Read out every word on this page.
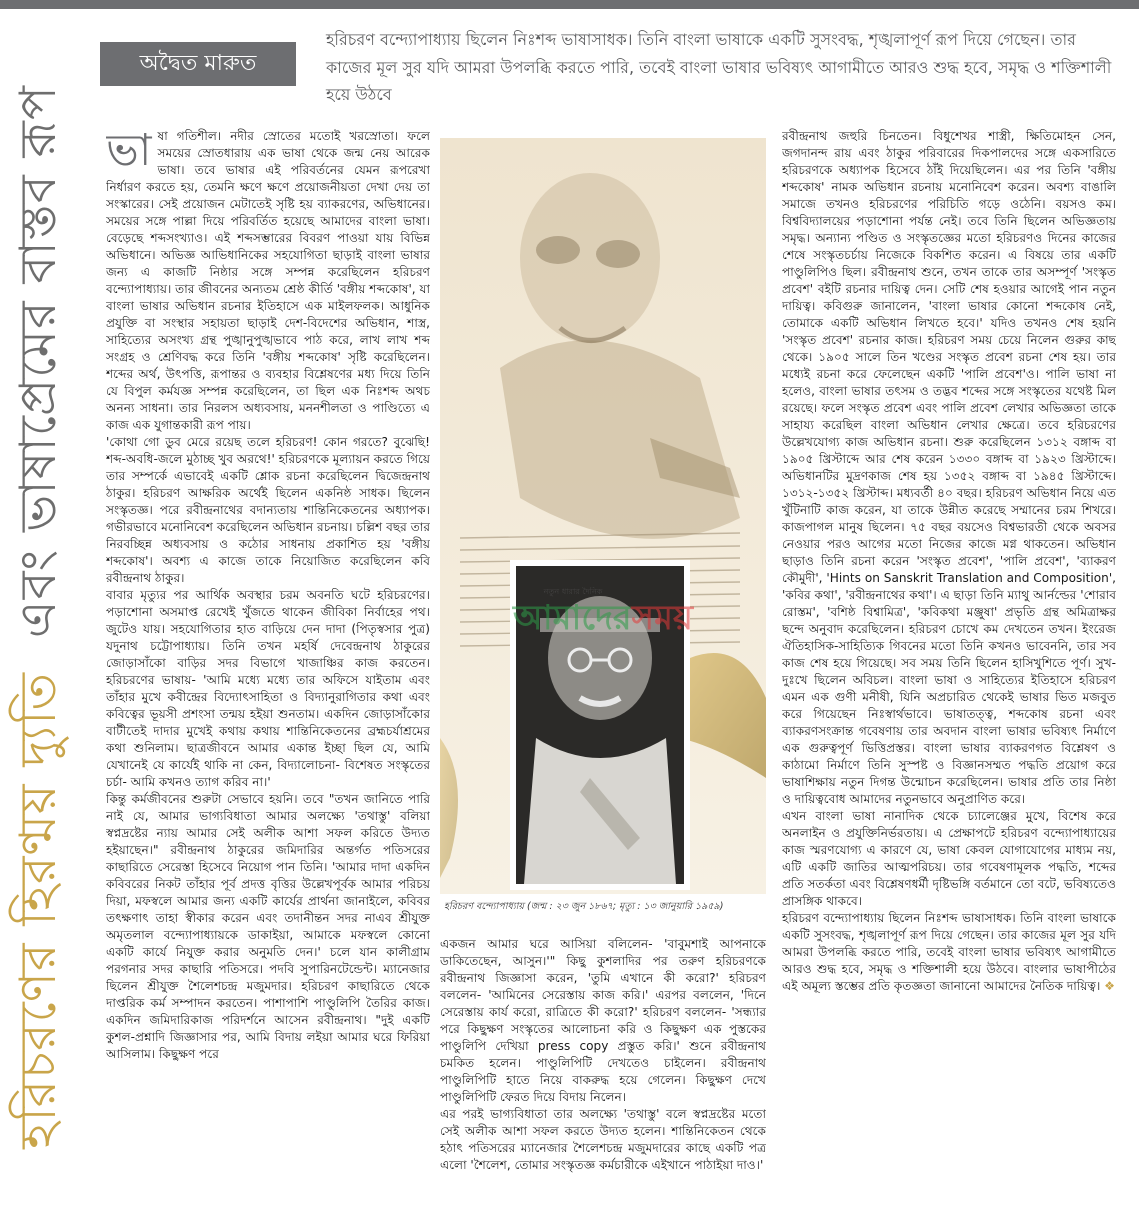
হরিচরণের হিরণ্ময় দ্যুতি

এবং ভাষাপ্রেমের বাস্তব রূপ
অদ্বৈত মারুত
হরিচরণ বন্দ্যোপাধ্যায় ছিলেন নিঃশব্দ ভাষাসাধক। তিনি বাংলা ভাষাকে একটি সুসংবদ্ধ, শৃঙ্খলাপূর্ণ রূপ দিয়ে গেছেন। তার কাজের মূল সুর যদি আমরা উপলব্ধি করতে পারি, তবেই বাংলা ভাষার ভবিষ্যৎ আগামীতে আরও শুদ্ধ হবে, সমৃদ্ধ ও শক্তিশালী হয়ে উঠবে
ভা ষা গতিশীল। নদীর স্রোতের মতোই খরস্রোতা। ফলে সময়ের স্রোতধারায় এক ভাষা থেকে জন্ম নেয় আরেক ভাষা। তবে ভাষার এই পরিবর্তনের যেমন রূপরেখা নির্ধারণ করতে হয়, তেমনি ক্ষণে ক্ষণে প্রয়োজনীয়তা দেখা দেয় তা সংস্কারের। সেই প্রয়োজন মেটাতেই সৃষ্টি হয় ব্যাকরণের, অভিধানের। সময়ের সঙ্গে পাল্লা দিয়ে পরিবর্তিত হয়েছে আমাদের বাংলা ভাষা। বেড়েছে শব্দসংখ্যাও। এই শব্দসম্ভারের বিবরণ পাওয়া যায় বিভিন্ন অভিধানে। অভিজ্ঞ আভিধানিকের সহযোগিতা ছাড়াই বাংলা ভাষার জন্য এ কাজটি নিষ্ঠার সঙ্গে সম্পন্ন করেছিলেন হরিচরণ বন্দ্যোপাধ্যায়। তার জীবনের অন্যতম শ্রেষ্ঠ কীর্তি 'বঙ্গীয় শব্দকোষ', যা বাংলা ভাষার অভিধান রচনার ইতিহাসে এক মাইলফলক। আধুনিক প্রযুক্তি বা সংস্থার সহায়তা ছাড়াই দেশ-বিদেশের অভিধান, শাস্ত্র, সাহিত্যের অসংখ্য গ্রন্থ পুঙ্খানুপুঙ্খভাবে পাঠ করে, লাখ লাখ শব্দ সংগ্রহ ও শ্রেণিবদ্ধ করে তিনি 'বঙ্গীয় শব্দকোষ' সৃষ্টি করেছিলেন। শব্দের অর্থ, উৎপত্তি, রূপান্তর ও ব্যবহার বিশ্লেষণের মধ্য দিয়ে তিনি যে বিপুল কর্মযজ্ঞ সম্পন্ন করেছিলেন, তা ছিল এক নিঃশব্দ অথচ অনন্য সাধনা। তার নিরলস অধ্যবসায়, মননশীলতা ও পাণ্ডিত্যে এ কাজ এক যুগান্তকারী রূপ পায়।

'কোথা গো ডুব মেরে রয়েছ তলে হরিচরণ! কোন গরতে? বুঝেছি! শব্দ-অবধি-জলে মুঠাচ্ছ খুব অরথে!' হরিচরণকে মূল্যায়ন করতে গিয়ে তার সম্পর্কে এভাবেই একটি শ্লোক রচনা করেছিলেন দ্বিজেন্দ্রনাথ ঠাকুর। হরিচরণ আক্ষরিক অর্থেই ছিলেন একনিষ্ঠ সাধক। ছিলেন সংস্কৃতজ্ঞ। পরে রবীন্দ্রনাথের বদান্যতায় শান্তিনিকেতনের অধ্যাপক। গভীরভাবে মনোনিবেশ করেছিলেন অভিধান রচনায়। চল্লিশ বছর তার নিরবচ্ছিন্ন অধ্যবসায় ও কঠোর সাধনায় প্রকাশিত হয় 'বঙ্গীয় শব্দকোষ'। অবশ্য এ কাজে তাকে নিয়োজিত করেছিলেন কবি রবীন্দ্রনাথ ঠাকুর।

বাবার মৃত্যুর পর আর্থিক অবস্থার চরম অবনতি ঘটে হরিচরণের। পড়াশোনা অসমাপ্ত রেখেই খুঁজতে থাকেন জীবিকা নির্বাহের পথ। জুটেও যায়। সহযোগিতার হাত বাড়িয়ে দেন দাদা (পিতৃস্বসার পুত্র) যদুনাথ চট্টোপাধ্যায়। তিনি তখন মহর্ষি দেবেন্দ্রনাথ ঠাকুরের জোড়াসাঁকো বাড়ির সদর বিভাগে খাজাঞ্চির কাজ করতেন। হরিচরণের ভাষায়- 'আমি মধ্যে মধ্যে তার অফিসে যাইতাম এবং তাঁহার মুখে কবীন্দ্রের বিদ্যোৎসাহিতা ও বিদ্যানুরাগিতার কথা এবং কবিত্বের ভূয়সী প্রশংসা তন্ময় হইয়া শুনতাম। একদিন জোড়াসাঁকোর বাটীতেই দাদার মুখেই কথায় কথায় শান্তিনিকেতনের ব্রহ্মচর্যাশ্রমের কথা শুনিলাম। ছাত্রজীবনে আমার একান্ত ইচ্ছা ছিল যে, আমি যেখানেই যে কার্যেই থাকি না কেন, বিদ্যালোচনা- বিশেষত সংস্কৃতের চর্চা- আমি কখনও ত্যাগ করিব না।'

কিন্তু কর্মজীবনের শুরুটা সেভাবে হয়নি। তবে "তখন জানিতে পারি নাই যে, আমার ভাগ্যবিধাতা আমার অলক্ষ্যে 'তথাস্তু' বলিয়া স্বপ্নদ্রষ্টের ন্যায় আমার সেই অলীক আশা সফল করিতে উদ্যত হইয়াছেন।" রবীন্দ্রনাথ ঠাকুরের জমিদারির অন্তর্গত পতিসরের কাছারিতে সেরেস্তা হিসেবে নিয়োগ পান তিনি। 'আমার দাদা একদিন কবিবরের নিকট তাঁহার পূর্ব প্রদত্ত বৃত্তির উল্লেখপূর্বক আমার পরিচয় দিয়া, মফস্বলে আমার জন্য একটি কার্যের প্রার্থনা জানাইলে, কবিবর তৎক্ষণাৎ তাহা স্বীকার করেন এবং তদানীন্তন সদর নাএব শ্রীযুক্ত অমৃতলাল বন্দ্যোপাধ্যায়কে ডাকাইয়া, আমাকে মফস্বলে কোনো একটি কার্যে নিযুক্ত করার অনুমতি দেন।' চলে যান কালীগ্রাম পরগনার সদর কাছারি পতিসরে। পদবি সুপারিনটেন্ডেন্ট। ম্যানেজার ছিলেন শ্রীযুক্ত শৈলেশচন্দ্র মজুমদার। হরিচরণ কাছারিতে থেকে দাপ্তরিক কর্ম সম্পাদন করতেন। পাশাপাশি পাণ্ডুলিপি তৈরির কাজ। একদিন জমিদারিকাজ পরিদর্শনে আসেন রবীন্দ্রনাথ। "দুই একটি কুশল-প্রশ্নাদি জিজ্ঞাসার পর, আমি বিদায় লইয়া আমার ঘরে ফিরিয়া আসিলাম। কিছুক্ষণ পরে

নতুন ধারার দৈনিক
আমাদেরসময়
হরিচরণ বন্দ্যোপাধ্যায় (জন্ম : ২৩ জুন ১৮৬৭; মৃত্যু : ১৩ জানুয়ারি ১৯৫৯)

একজন আমার ঘরে আসিয়া বলিলেন- 'বাবুমশাই আপনাকে ডাকিতেছেন, আসুন।'" কিছু কুশলাদির পর তরুণ হরিচরণকে রবীন্দ্রনাথ জিজ্ঞাসা করেন, 'তুমি এখানে কী করো?' হরিচরণ বললেন- 'আমিনের সেরেস্তায় কাজ করি।' এরপর বললেন, 'দিনে সেরেস্তায় কার্য করো, রাত্রিতে কী করো?' হরিচরণ বললেন- 'সন্ধ্যার পরে কিছুক্ষণ সংস্কৃতের আলোচনা করি ও কিছুক্ষণ এক পুস্তকের পাণ্ডুলিপি দেখিয়া press copy প্রস্তুত করি।' শুনে রবীন্দ্রনাথ চমকিত হলেন। পাণ্ডুলিপিটি দেখতেও চাইলেন। রবীন্দ্রনাথ পাণ্ডুলিপিটি হাতে নিয়ে বাকরুদ্ধ হয়ে গেলেন। কিছুক্ষণ দেখে পাণ্ডুলিপিটি ফেরত দিয়ে বিদায় নিলেন।

এর পরই ভাগ্যবিধাতা তার অলক্ষ্যে 'তথাস্তু' বলে স্বপ্নদ্রষ্টের মতো সেই অলীক আশা সফল করতে উদ্যত হলেন। শান্তিনিকেতন থেকে হঠাৎ পতিসরের ম্যানেজার শৈলেশচন্দ্র মজুমদারের কাছে একটি পত্র এলো 'শৈলেশ, তোমার সংস্কৃতজ্ঞ কর্মচারীকে এইখানে পাঠাইয়া দাও।'

রবীন্দ্রনাথ জহুরি চিনতেন। বিধুশেখর শাস্ত্রী, ক্ষিতিমোহন সেন, জগদানন্দ রায় এবং ঠাকুর পরিবারের দিকপালদের সঙ্গে একসারিতে হরিচরণকে অধ্যাপক হিসেবে ঠাঁই দিয়েছিলেন। এর পর তিনি 'বঙ্গীয় শব্দকোষ' নামক অভিধান রচনায় মনোনিবেশ করেন। অবশ্য বাঙালি সমাজে তখনও হরিচরণের পরিচিতি গড়ে ওঠেনি। বয়সও কম। বিশ্ববিদ্যালয়ের পড়াশোনা পর্যন্ত নেই। তবে তিনি ছিলেন অভিজ্ঞতায় সমৃদ্ধ। অন্যান্য পণ্ডিত ও সংস্কৃতজ্ঞের মতো হরিচরণও দিনের কাজের শেষে সংস্কৃতচর্চায় নিজেকে বিকশিত করেন। এ বিষয়ে তার একটি পাণ্ডুলিপিও ছিল। রবীন্দ্রনাথ শুনে, তখন তাকে তার অসম্পূর্ণ 'সংস্কৃত প্রবেশ' বইটি রচনার দায়িত্ব দেন। সেটি শেষ হওয়ার আগেই পান নতুন দায়িত্ব। কবিগুরু জানালেন, 'বাংলা ভাষার কোনো শব্দকোষ নেই, তোমাকে একটি অভিধান লিখতে হবে।' যদিও তখনও শেষ হয়নি 'সংস্কৃত প্রবেশ' রচনার কাজ। হরিচরণ সময় চেয়ে নিলেন গুরুর কাছ থেকে। ১৯০৫ সালে তিন খণ্ডের সংস্কৃত প্রবেশ রচনা শেষ হয়। তার মধ্যেই রচনা করে ফেলেছেন একটি 'পালি প্রবেশ'ও। পালি ভাষা না হলেও, বাংলা ভাষার তৎসম ও তদ্ভব শব্দের সঙ্গে সংস্কৃতের যথেষ্ট মিল রয়েছে। ফলে সংস্কৃত প্রবেশ এবং পালি প্রবেশ লেখার অভিজ্ঞতা তাকে সাহায্য করেছিল বাংলা অভিধান লেখার ক্ষেত্রে। তবে হরিচরণের উল্লেখযোগ্য কাজ অভিধান রচনা। শুরু করেছিলেন ১৩১২ বঙ্গাব্দ বা ১৯০৫ খ্রিস্টাব্দে আর শেষ করেন ১৩৩০ বঙ্গাব্দ বা ১৯২৩ খ্রিস্টাব্দে। অভিধানটির মুদ্রণকাজ শেষ হয় ১৩৫২ বঙ্গাব্দ বা ১৯৪৫ খ্রিস্টাব্দে। ১৩১২-১৩৫২ খ্রিস্টাব্দ। মধ্যবর্তী ৪০ বছর। হরিচরণ অভিধান নিয়ে এত খুঁটিনাটি কাজ করেন, যা তাকে উন্নীত করেছে সম্মানের চরম শিখরে। কাজপাগল মানুষ ছিলেন। ৭৫ বছর বয়সেও বিশ্বভারতী থেকে অবসর নেওয়ার পরও আগের মতো নিজের কাজে মগ্ন থাকতেন। অভিধান ছাড়াও তিনি রচনা করেন 'সংস্কৃত প্রবেশ', 'পালি প্রবেশ', 'ব্যাকরণ কৌমুদী', 'Hints on Sanskrit Translation and Composition', 'কবির কথা', 'রবীন্দ্রনাথের কথা'। এ ছাড়া তিনি ম্যাথু আর্নল্ডের 'শোরাব রোস্তম', 'বশিষ্ঠ বিশ্বামিত্র', 'কবিকথা মঞ্জুষা' প্রভৃতি গ্রন্থ অমিত্রাক্ষর ছন্দে অনুবাদ করেছিলেন। হরিচরণ চোখে কম দেখতেন তখন। ইংরেজ ঐতিহাসিক-সাহিত্যিক গিবনের মতো তিনি কখনও ভাবেননি, তার সব কাজ শেষ হয়ে গিয়েছে। সব সময় তিনি ছিলেন হাসিখুশিতে পূর্ণ। সুখ-দুঃখে ছিলেন অবিচল। বাংলা ভাষা ও সাহিত্যের ইতিহাসে হরিচরণ এমন এক গুণী মনীষী, যিনি অপ্রচারিত থেকেই ভাষার ভিত মজবুত করে গিয়েছেন নিঃস্বার্থভাবে। ভাষাতত্ত্ব, শব্দকোষ রচনা এবং ব্যাকরণসংক্রান্ত গবেষণায় তার অবদান বাংলা ভাষার ভবিষ্যৎ নির্মাণে এক গুরুত্বপূর্ণ ভিত্তিপ্রস্তর। বাংলা ভাষার ব্যাকরণগত বিশ্লেষণ ও কাঠামো নির্মাণে তিনি সুস্পষ্ট ও বিজ্ঞানসম্মত পদ্ধতি প্রয়োগ করে ভাষাশিক্ষায় নতুন দিগন্ত উন্মোচন করেছিলেন। ভাষার প্রতি তার নিষ্ঠা ও দায়িত্ববোধ আমাদের নতুনভাবে অনুপ্রাণিত করে।

এখন বাংলা ভাষা নানাদিক থেকে চ্যালেঞ্জের মুখে, বিশেষ করে অনলাইন ও প্রযুক্তিনির্ভরতায়। এ প্রেক্ষাপটে হরিচরণ বন্দ্যোপাধ্যায়ের কাজ স্মরণযোগ্য এ কারণে যে, ভাষা কেবল যোগাযোগের মাধ্যম নয়, এটি একটি জাতির আত্মপরিচয়। তার গবেষণামূলক পদ্ধতি, শব্দের প্রতি সতর্কতা এবং বিশ্লেষণধর্মী দৃষ্টিভঙ্গি বর্তমানে তো বটে, ভবিষ্যতেও প্রাসঙ্গিক থাকবে।

হরিচরণ বন্দ্যোপাধ্যায় ছিলেন নিঃশব্দ ভাষাসাধক। তিনি বাংলা ভাষাকে একটি সুসংবদ্ধ, শৃঙ্খলাপূর্ণ রূপ দিয়ে গেছেন। তার কাজের মূল সুর যদি আমরা উপলব্ধি করতে পারি, তবেই বাংলা ভাষার ভবিষ্যৎ আগামীতে আরও শুদ্ধ হবে, সমৃদ্ধ ও শক্তিশালী হয়ে উঠবে। বাংলার ভাষাপীঠের এই অমূল্য স্তম্ভের প্রতি কৃতজ্ঞতা জানানো আমাদের নৈতিক দায়িত্ব। ❖
